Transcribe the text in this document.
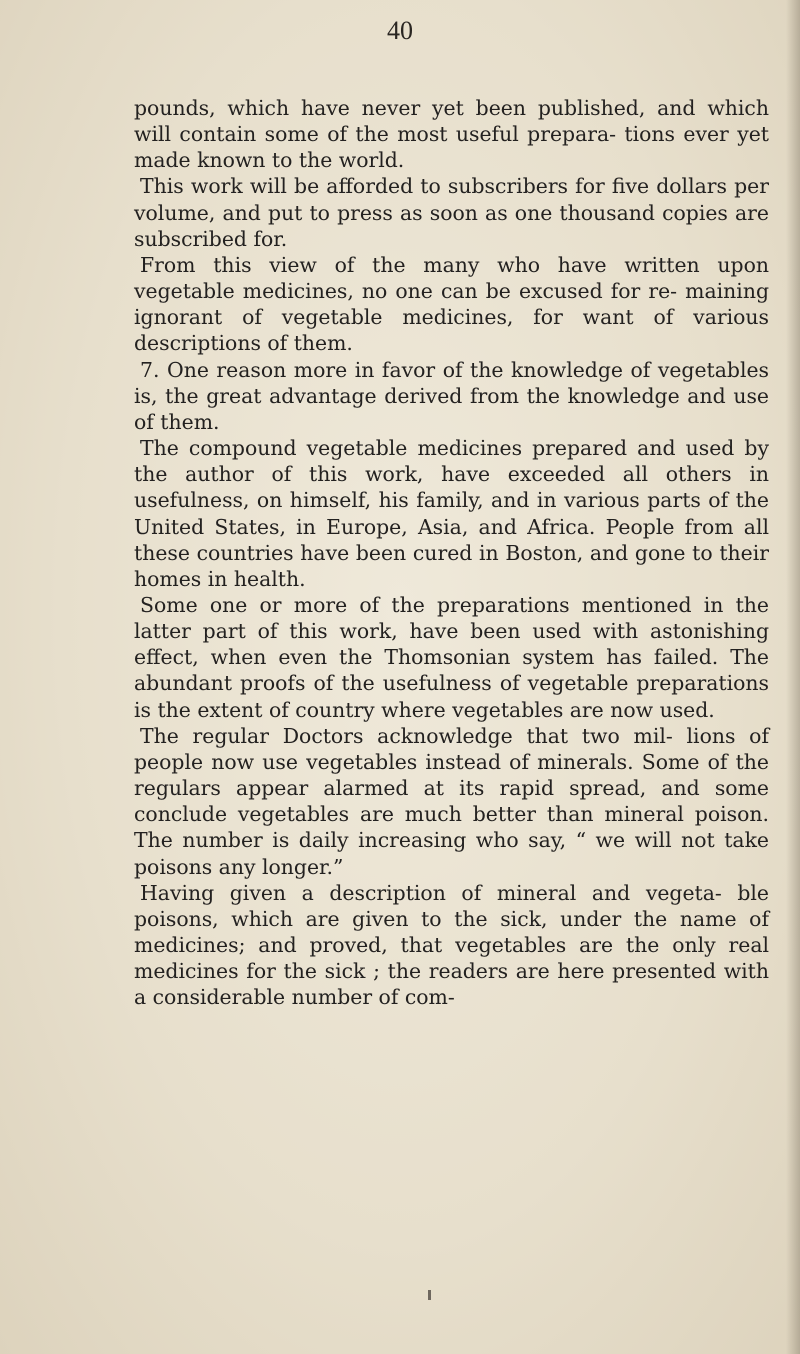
40

pounds, which have never yet been published, and which will contain some of the most useful prepara- tions ever yet made known to the world.

This work will be afforded to subscribers for five dollars per volume, and put to press as soon as one thousand copies are subscribed for.

From this view of the many who have written upon vegetable medicines, no one can be excused for re- maining ignorant of vegetable medicines, for want of various descriptions of them.

7. One reason more in favor of the knowledge of vegetables is, the great advantage derived from the knowledge and use of them.

The compound vegetable medicines prepared and used by the author of this work, have exceeded all others in usefulness, on himself, his family, and in various parts of the United States, in Europe, Asia, and Africa. People from all these countries have been cured in Boston, and gone to their homes in health.

Some one or more of the preparations mentioned in the latter part of this work, have been used with astonishing effect, when even the Thomsonian system has failed. The abundant proofs of the usefulness of vegetable preparations is the extent of country where vegetables are now used.

The regular Doctors acknowledge that two mil- lions of people now use vegetables instead of minerals. Some of the regulars appear alarmed at its rapid spread, and some conclude vegetables are much better than mineral poison. The number is daily increasing who say, “ we will not take poisons any longer.”

Having given a description of mineral and vegeta- ble poisons, which are given to the sick, under the name of medicines; and proved, that vegetables are the only real medicines for the sick ; the readers are here presented with a considerable number of com-
